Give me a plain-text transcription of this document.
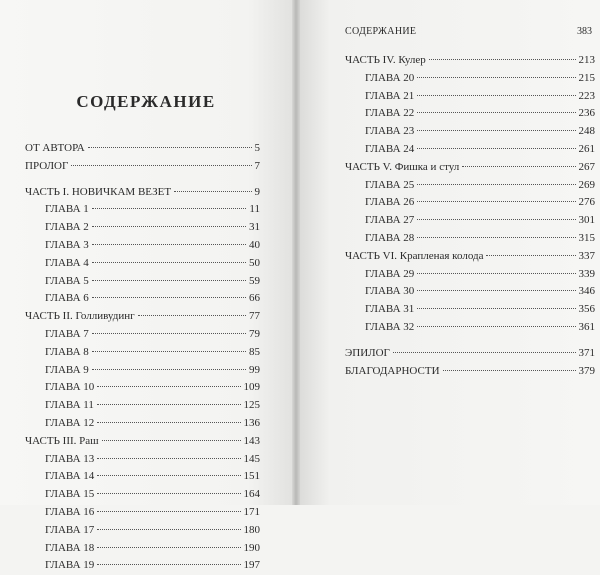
СОДЕРЖАНИЕ
ОТ АВТОРА	5
ПРОЛОГ	7
ЧАСТЬ I. НОВИЧКАМ ВЕЗЕТ	9
ГЛАВА 1	11
ГЛАВА 2	31
ГЛАВА 3	40
ГЛАВА 4	50
ГЛАВА 5	59
ГЛАВА 6	66
ЧАСТЬ II. Голливудинг	77
ГЛАВА 7	79
ГЛАВА 8	85
ГЛАВА 9	99
ГЛАВА 10	109
ГЛАВА 11	125
ГЛАВА 12	136
ЧАСТЬ III. Раш	143
ГЛАВА 13	145
ГЛАВА 14	151
ГЛАВА 15	164
ГЛАВА 16	171
ГЛАВА 17	180
ГЛАВА 18	190
ГЛАВА 19	197
СОДЕРЖАНИЕ	383
ЧАСТЬ IV. Кулер	213
ГЛАВА 20	215
ГЛАВА 21	223
ГЛАВА 22	236
ГЛАВА 23	248
ГЛАВА 24	261
ЧАСТЬ V. Фишка и стул	267
ГЛАВА 25	269
ГЛАВА 26	276
ГЛАВА 27	301
ГЛАВА 28	315
ЧАСТЬ VI. Крапленая колода	337
ГЛАВА 29	339
ГЛАВА 30	346
ГЛАВА 31	356
ГЛАВА 32	361
ЭПИЛОГ	371
БЛАГОДАРНОСТИ	379
